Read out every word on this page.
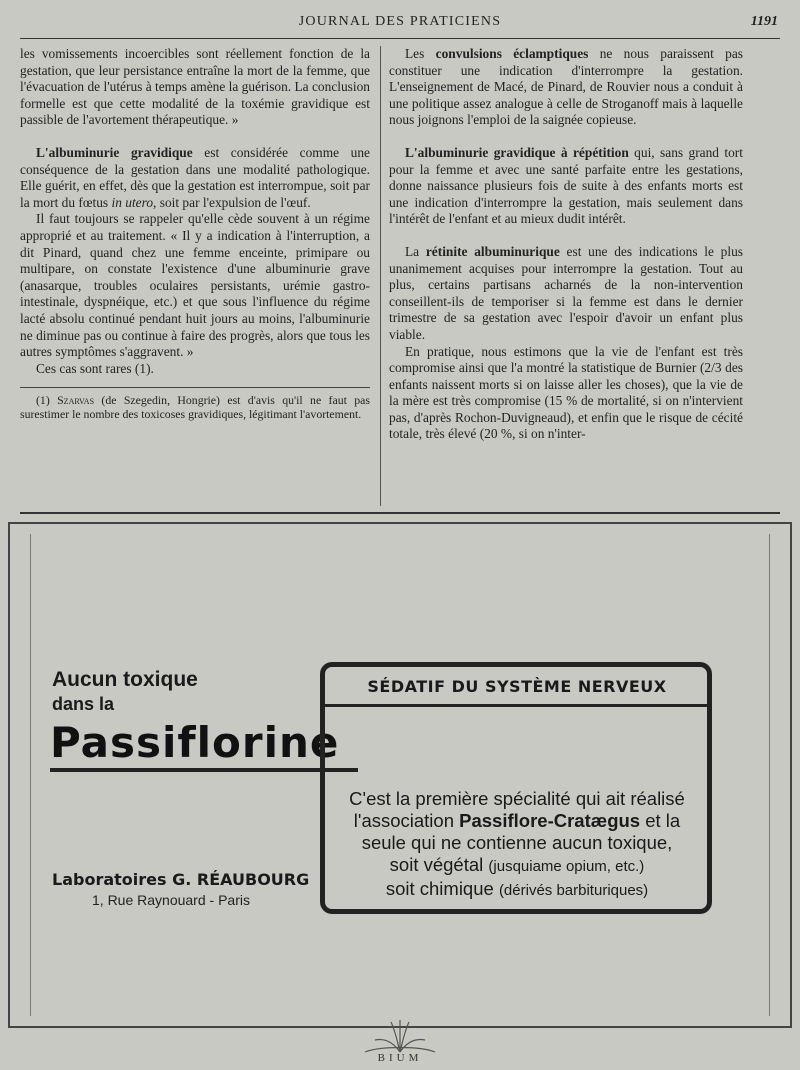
JOURNAL DES PRATICIENS	1191

les vomissements incoercibles sont réellement fonction de la gestation, que leur persistance entraîne la mort de la femme, que l'évacuation de l'utérus à temps amène la guérison. La conclusion formelle est que cette modalité de la toxémie gravidique est passible de l'avortement thérapeutique. »

L'albuminurie gravidique est considérée comme une conséquence de la gestation dans une modalité pathologique. Elle guérit, en effet, dès que la gestation est interrompue, soit par la mort du fœtus in utero, soit par l'expulsion de l'œuf.

Il faut toujours se rappeler qu'elle cède souvent à un régime approprié et au traitement. « Il y a indication à l'interruption, a dit Pinard, quand chez une femme enceinte, primipare ou multipare, on constate l'existence d'une albuminurie grave (anasarque, troubles oculaires persistants, urémie gastro-intestinale, dyspnéique, etc.) et que sous l'influence du régime lacté absolu continué pendant huit jours au moins, l'albuminurie ne diminue pas ou continue à faire des progrès, alors que tous les autres symptômes s'aggravent. »

Ces cas sont rares (1).

(1) Szarvas (de Szegedin, Hongrie) est d'avis qu'il ne faut pas surestimer le nombre des toxicoses gravidiques, légitimant l'avortement.

Les convulsions éclamptiques ne nous paraissent pas constituer une indication d'interrompre la gestation. L'enseignement de Macé, de Pinard, de Rouvier nous a conduit à une politique assez analogue à celle de Stroganoff mais à laquelle nous joignons l'emploi de la saignée copieuse.

L'albuminurie gravidique à répétition qui, sans grand tort pour la femme et avec une santé parfaite entre les gestations, donne naissance plusieurs fois de suite à des enfants morts est une indication d'interrompre la gestation, mais seulement dans l'intérêt de l'enfant et au mieux dudit intérêt.

La rétinite albuminurique est une des indications le plus unanimement acquises pour interrompre la gestation. Tout au plus, certains partisans acharnés de la non-intervention conseillent-ils de temporiser si la femme est dans le dernier trimestre de sa gestation avec l'espoir d'avoir un enfant plus viable.

En pratique, nous estimons que la vie de l'enfant est très compromise ainsi que l'a montré la statistique de Burnier (2/3 des enfants naissent morts si on laisse aller les choses), que la vie de la mère est très compromise (15 % de mortalité, si on n'intervient pas, d'après Rochon-Duvigneaud), et enfin que le risque de cécité totale, très élevé (20 %, si on n'inter-

Aucun toxique
dans la
Passiflorine
Laboratoires G. RÉAUBOURG
1, Rue Raynouard - Paris
SÉDATIF DU SYSTÈME NERVEUX
C'est la première spécialité qui ait réalisé
l'association Passiflore-Cratægus et la
seule qui ne contienne aucun toxique,
soit végétal (jusquiame opium, etc.)
soit chimique (dérivés barbituriques)
BIUM
